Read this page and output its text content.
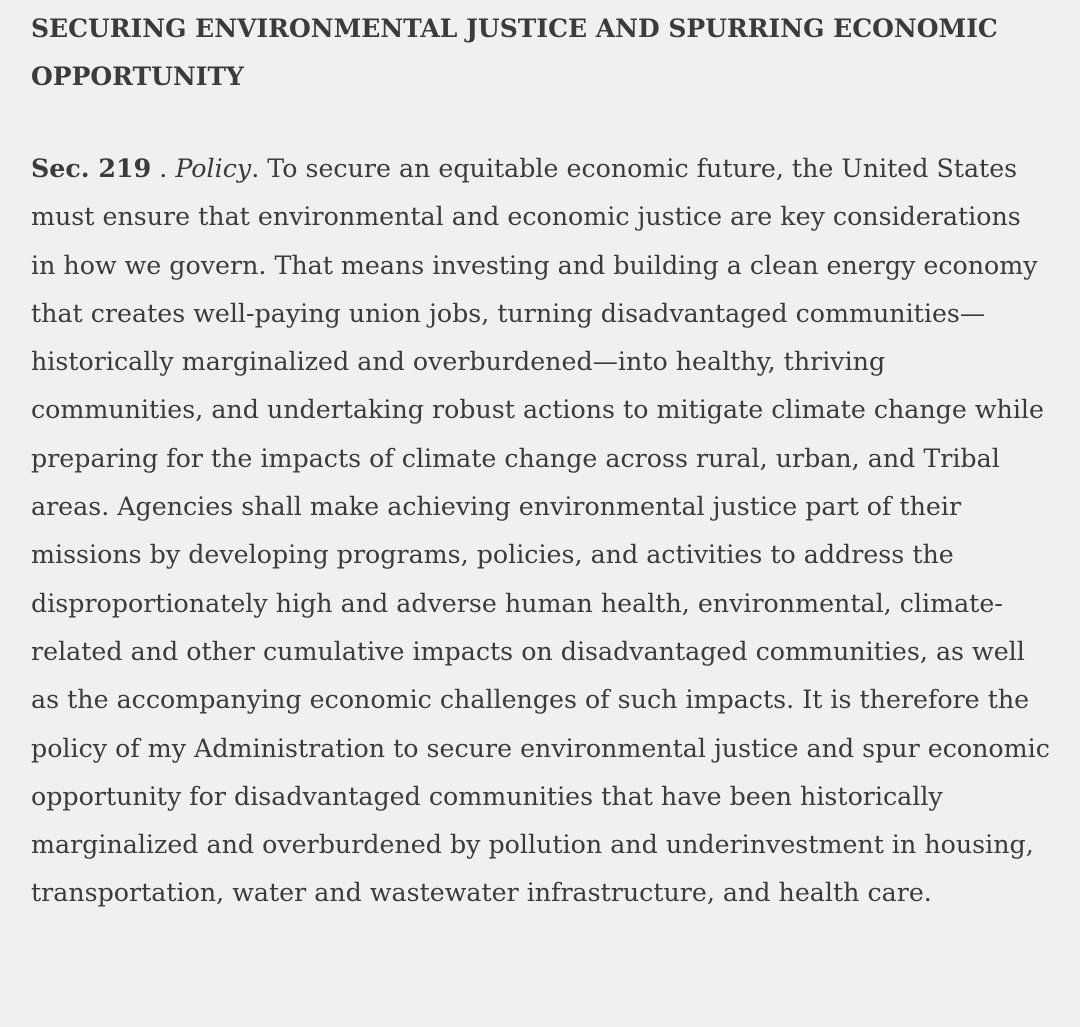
SECURING ENVIRONMENTAL JUSTICE AND SPURRING ECONOMIC OPPORTUNITY

Sec. 219 . Policy. To secure an equitable economic future, the United States must ensure that environmental and economic justice are key considerations in how we govern. That means investing and building a clean energy economy that creates well-paying union jobs, turning disadvantaged communities—historically marginalized and overburdened—into healthy, thriving communities, and undertaking robust actions to mitigate climate change while preparing for the impacts of climate change across rural, urban, and Tribal areas. Agencies shall make achieving environmental justice part of their missions by developing programs, policies, and activities to address the disproportionately high and adverse human health, environmental, climate-related and other cumulative impacts on disadvantaged communities, as well as the accompanying economic challenges of such impacts. It is therefore the policy of my Administration to secure environmental justice and spur economic opportunity for disadvantaged communities that have been historically marginalized and overburdened by pollution and underinvestment in housing, transportation, water and wastewater infrastructure, and health care.
